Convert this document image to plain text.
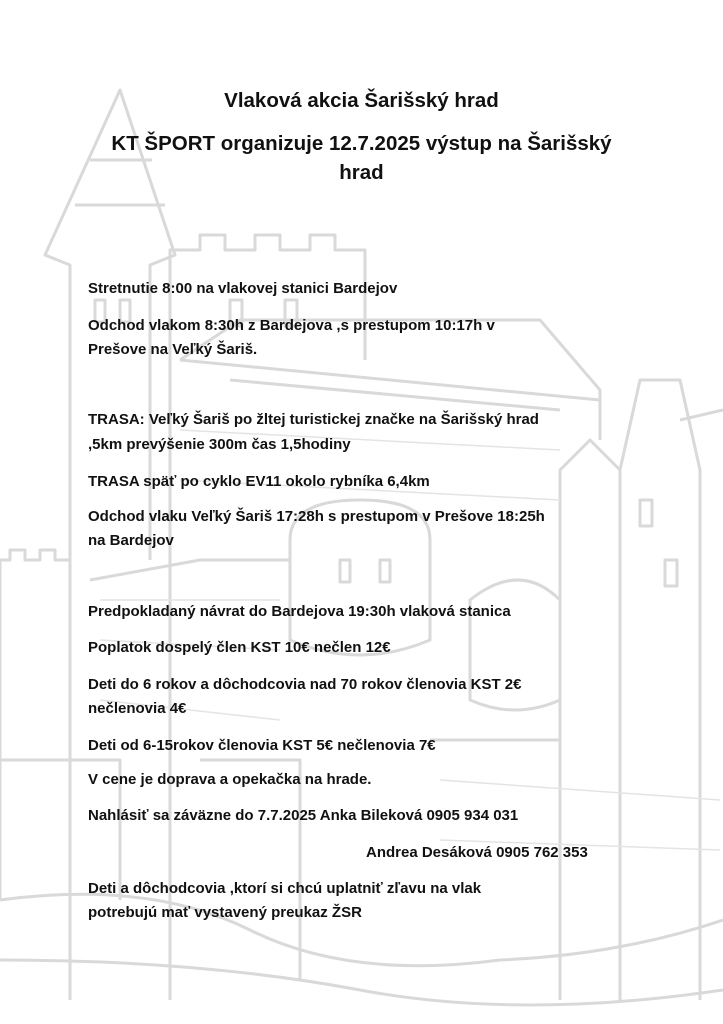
Vlaková akcia Šarišský hrad
KT ŠPORT organizuje 12.7.2025 výstup na Šarišský
hrad

Stretnutie 8:00 na vlakovej stanici Bardejov

Odchod vlakom 8:30h z Bardejova ,s prestupom 10:17h v

Prešove na Veľký Šariš.

TRASA: Veľký Šariš po žltej turistickej značke na Šarišský hrad

,5km prevýšenie 300m čas 1,5hodiny

TRASA späť po cyklo EV11 okolo rybníka 6,4km

Odchod vlaku Veľký Šariš 17:28h s prestupom v Prešove 18:25h

na Bardejov

Predpokladaný návrat do Bardejova 19:30h vlaková stanica

Poplatok dospelý člen KST 10€ nečlen 12€

Deti do 6 rokov a dôchodcovia nad 70 rokov členovia KST 2€

nečlenovia 4€

Deti od 6-15rokov členovia KST 5€ nečlenovia 7€

V cene je doprava a opekačka na hrade.

Nahlásiť sa záväzne do 7.7.2025 Anka Bileková 0905 934 031

Andrea Desáková 0905 762 353

Deti a dôchodcovia ,ktorí si chcú uplatniť zľavu na vlak

potrebujú mať vystavený preukaz ŽSR
